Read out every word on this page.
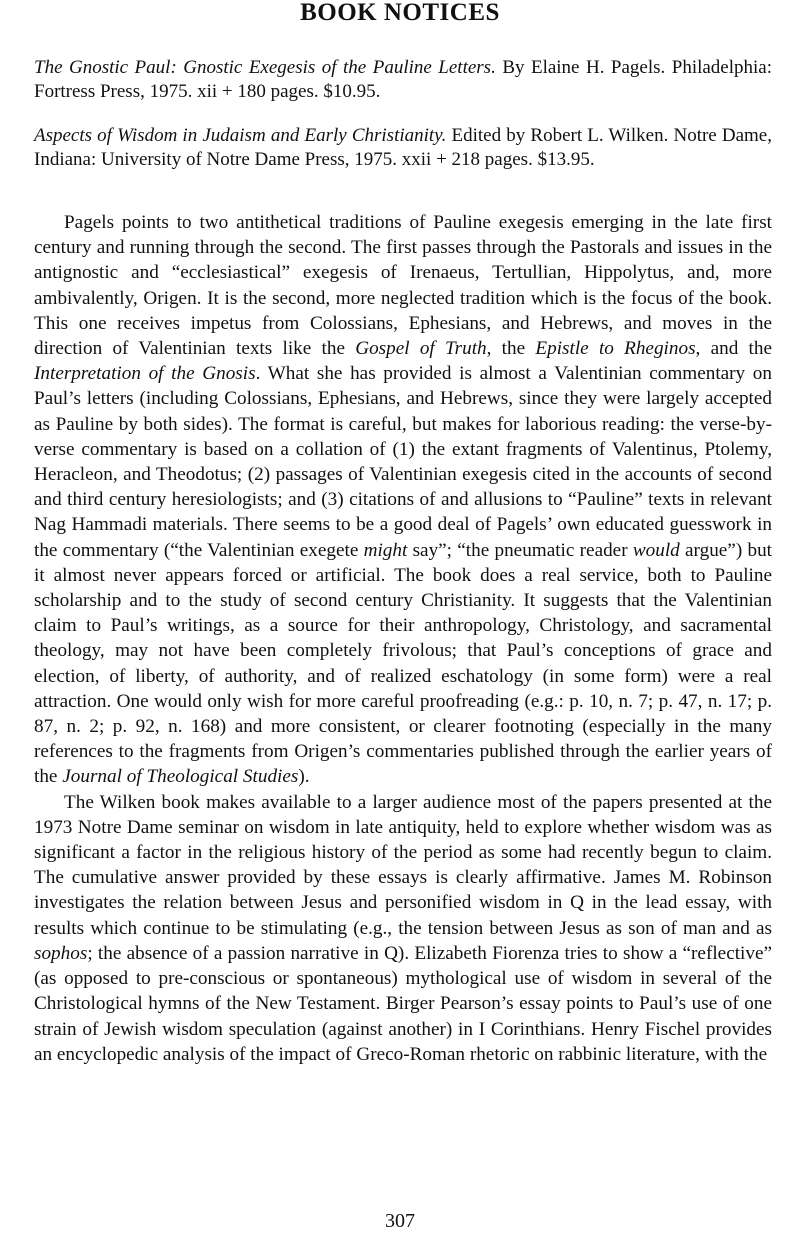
BOOK NOTICES
The Gnostic Paul: Gnostic Exegesis of the Pauline Letters. By Elaine H. Pagels. Philadelphia: Fortress Press, 1975. xii + 180 pages. $10.95.
Aspects of Wisdom in Judaism and Early Christianity. Edited by Robert L. Wilken. Notre Dame, Indiana: University of Notre Dame Press, 1975. xxii + 218 pages. $13.95.

Pagels points to two antithetical traditions of Pauline exegesis emerging in the late first century and running through the second. The first passes through the Pastorals and issues in the antignostic and “ecclesiastical” exegesis of Irenaeus, Tertullian, Hippolytus, and, more ambivalently, Origen. It is the second, more neglected tradition which is the focus of the book. This one receives impetus from Colossians, Ephesians, and Hebrews, and moves in the direction of Valentinian texts like the Gospel of Truth, the Epistle to Rheginos, and the Interpretation of the Gnosis. What she has provided is almost a Valentinian commentary on Paul’s letters (including Colossians, Ephesians, and Hebrews, since they were largely accepted as Pauline by both sides). The format is careful, but makes for laborious reading: the verse-by-verse commentary is based on a collation of (1) the extant fragments of Valentinus, Ptolemy, Heracleon, and Theodotus; (2) passages of Valentinian exegesis cited in the accounts of second and third century heresiologists; and (3) citations of and allusions to “Pauline” texts in relevant Nag Hammadi materials. There seems to be a good deal of Pagels’ own educated guesswork in the commentary (“the Valentinian exegete might say”; “the pneumatic reader would argue”) but it almost never appears forced or artificial. The book does a real service, both to Pauline scholarship and to the study of second century Christianity. It suggests that the Valentinian claim to Paul’s writings, as a source for their anthropology, Christology, and sacramental theology, may not have been completely frivolous; that Paul’s conceptions of grace and election, of liberty, of authority, and of realized eschatology (in some form) were a real attraction. One would only wish for more careful proofreading (e.g.: p. 10, n. 7; p. 47, n. 17; p. 87, n. 2; p. 92, n. 168) and more consistent, or clearer footnoting (especially in the many references to the fragments from Origen’s commentaries published through the earlier years of the Journal of Theological Studies).

The Wilken book makes available to a larger audience most of the papers presented at the 1973 Notre Dame seminar on wisdom in late antiquity, held to explore whether wisdom was as significant a factor in the religious history of the period as some had recently begun to claim. The cumulative answer provided by these essays is clearly affirmative. James M. Robinson investigates the relation between Jesus and personified wisdom in Q in the lead essay, with results which continue to be stimulating (e.g., the tension between Jesus as son of man and as sophos; the absence of a passion narrative in Q). Elizabeth Fiorenza tries to show a “reflective” (as opposed to pre-conscious or spontaneous) mythological use of wisdom in several of the Christological hymns of the New Testament. Birger Pearson’s essay points to Paul’s use of one strain of Jewish wisdom speculation (against another) in I Corinthians. Henry Fischel provides an encyclopedic analysis of the impact of Greco-Roman rhetoric on rabbinic literature, with the

307
